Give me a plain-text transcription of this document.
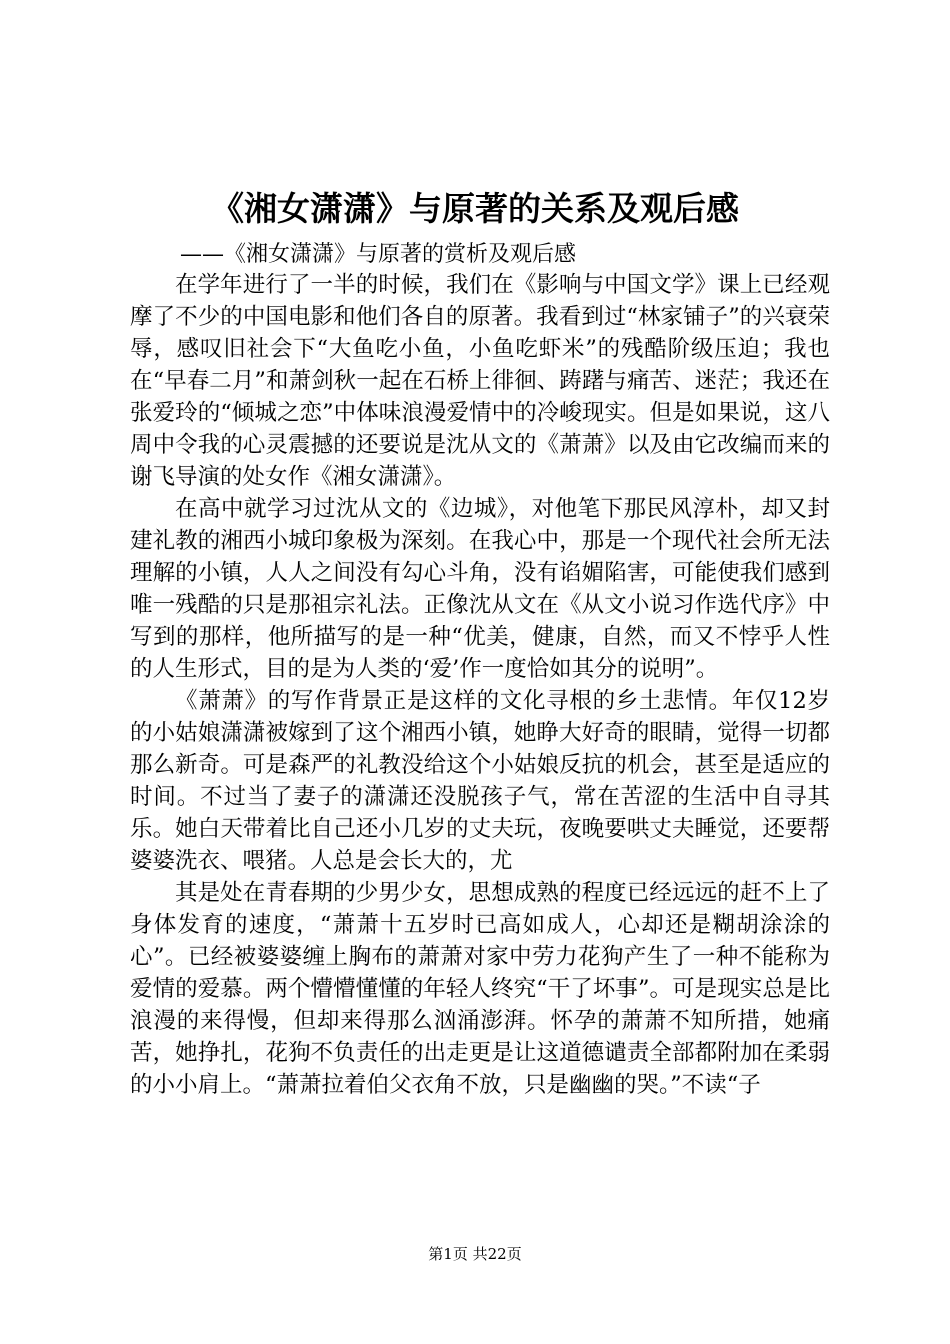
《湘女潇潇》与原著的关系及观后感
——《湘女潇潇》与原著的赏析及观后感

在学年进行了一半的时候，我们在《影响与中国文学》课上已经观摩了不少的中国电影和他们各自的原著。我看到过“林家铺子”的兴衰荣辱，感叹旧社会下“大鱼吃小鱼，小鱼吃虾米”的残酷阶级压迫；我也在“早春二月”和萧剑秋一起在石桥上徘徊、踌躇与痛苦、迷茫；我还在张爱玲的“倾城之恋”中体味浪漫爱情中的冷峻现实。但是如果说，这八周中令我的心灵震撼的还要说是沈从文的《萧萧》以及由它改编而来的谢飞导演的处女作《湘女潇潇》。

在高中就学习过沈从文的《边城》，对他笔下那民风淳朴，却又封建礼教的湘西小城印象极为深刻。在我心中，那是一个现代社会所无法理解的小镇，人人之间没有勾心斗角，没有谄媚陷害，可能使我们感到唯一残酷的只是那祖宗礼法。正像沈从文在《从文小说习作选代序》中写到的那样，他所描写的是一种“优美，健康，自然，而又不悖乎人性的人生形式，目的是为人类的‘爱’作一度恰如其分的说明”。

《萧萧》的写作背景正是这样的文化寻根的乡土悲情。年仅12岁的小姑娘潇潇被嫁到了这个湘西小镇，她睁大好奇的眼睛，觉得一切都那么新奇。可是森严的礼教没给这个小姑娘反抗的机会，甚至是适应的时间。不过当了妻子的潇潇还没脱孩子气，常在苦涩的生活中自寻其乐。她白天带着比自己还小几岁的丈夫玩，夜晚要哄丈夫睡觉，还要帮婆婆洗衣、喂猪。人总是会长大的，尤

其是处在青春期的少男少女，思想成熟的程度已经远远的赶不上了身体发育的速度，“萧萧十五岁时已高如成人，心却还是糊胡涂涂的心”。已经被婆婆缠上胸布的萧萧对家中劳力花狗产生了一种不能称为爱情的爱慕。两个懵懵懂懂的年轻人终究“干了坏事”。可是现实总是比浪漫的来得慢，但却来得那么汹涌澎湃。怀孕的萧萧不知所措，她痛苦，她挣扎，花狗不负责任的出走更是让这道德谴责全部都附加在柔弱的小小肩上。“萧萧拉着伯父衣角不放，只是幽幽的哭。”不读“子

第1页 共22页
